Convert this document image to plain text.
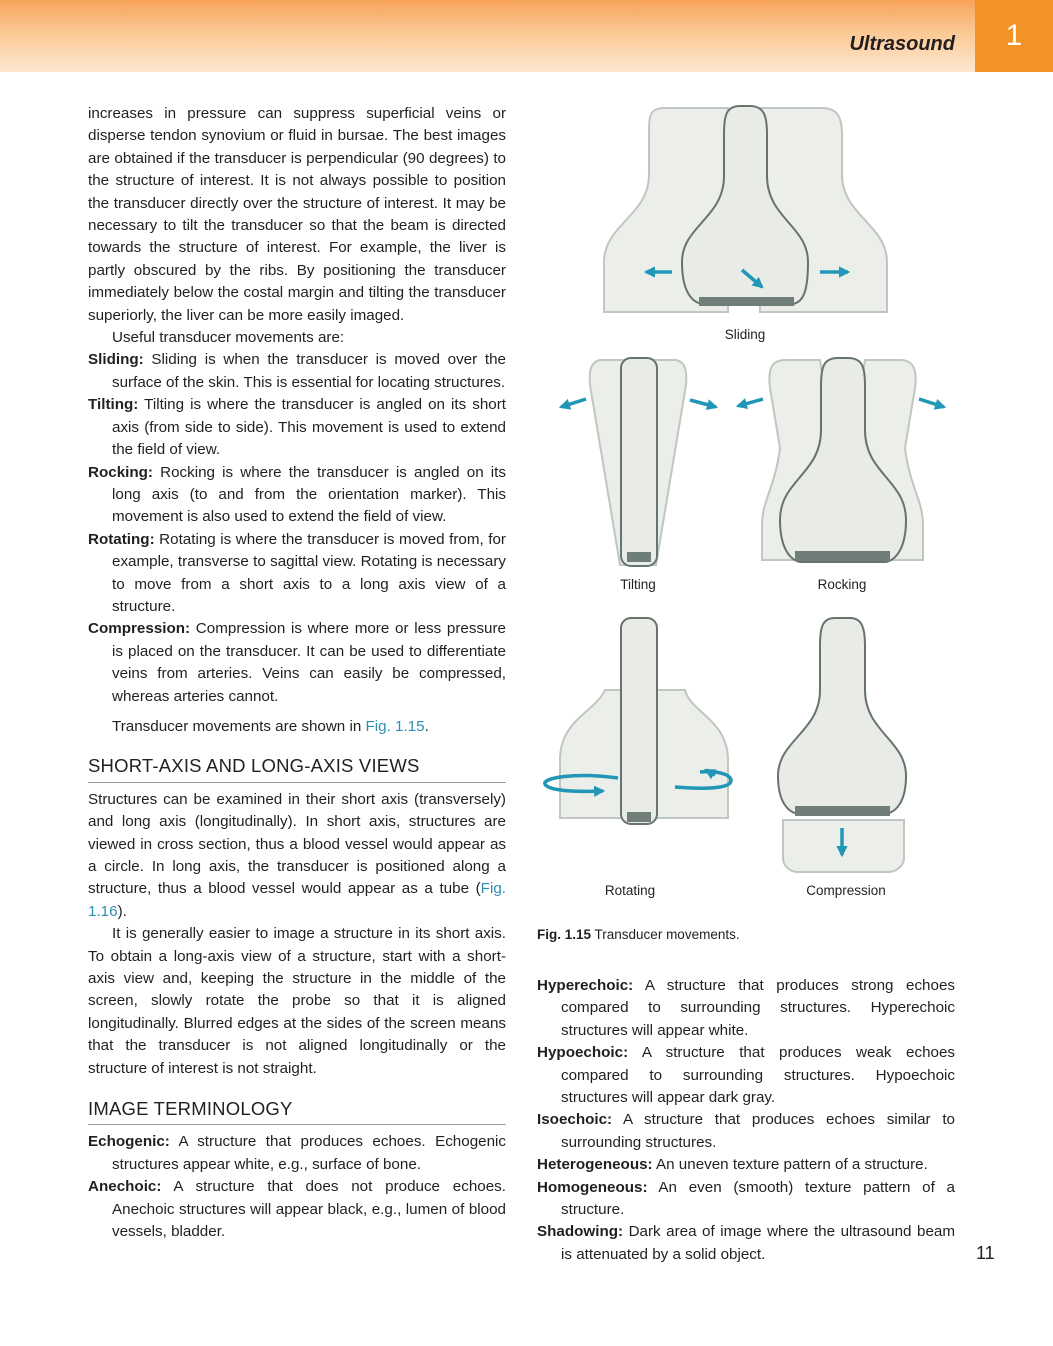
1
Ultrasound

increases in pressure can suppress superficial veins or disperse tendon synovium or fluid in bursae. The best images are obtained if the transducer is perpendicular (90 degrees) to the structure of interest. It is not always possible to position the transducer directly over the structure of interest. It may be necessary to tilt the transducer so that the beam is directed towards the structure of interest. For example, the liver is partly obscured by the ribs. By positioning the transducer immediately below the costal margin and tilting the transducer superiorly, the liver can be more easily imaged.

Useful transducer movements are:

Sliding: Sliding is when the transducer is moved over the surface of the skin. This is essential for locating structures.

Tilting: Tilting is where the transducer is angled on its short axis (from side to side). This movement is used to extend the field of view.

Rocking: Rocking is where the transducer is angled on its long axis (to and from the orientation marker). This movement is also used to extend the field of view.

Rotating: Rotating is where the transducer is moved from, for example, transverse to sagittal view. Rotating is necessary to move from a short axis to a long axis view of a structure.

Compression: Compression is where more or less pressure is placed on the transducer. It can be used to differentiate veins from arteries. Veins can easily be compressed, whereas arteries cannot.

Transducer movements are shown in Fig. 1.15.

SHORT-AXIS AND LONG-AXIS VIEWS

Structures can be examined in their short axis (transversely) and long axis (longitudinally). In short axis, structures are viewed in cross section, thus a blood vessel would appear as a circle. In long axis, the transducer is positioned along a structure, thus a blood vessel would appear as a tube (Fig. 1.16).

It is generally easier to image a structure in its short axis. To obtain a long-axis view of a structure, start with a short-axis view and, keeping the structure in the middle of the screen, slowly rotate the probe so that it is aligned longitudinally. Blurred edges at the sides of the screen means that the transducer is not aligned longitudinally or the structure of interest is not straight.

IMAGE TERMINOLOGY

Echogenic: A structure that produces echoes. Echogenic structures appear white, e.g., surface of bone.

Anechoic: A structure that does not produce echoes. Anechoic structures will appear black, e.g., lumen of blood vessels, bladder.

Sliding
Tilting	Rocking
Rotating	Compression
Fig. 1.15 Transducer movements.

Hyperechoic: A structure that produces strong echoes compared to surrounding structures. Hyperechoic structures will appear white.

Hypoechoic: A structure that produces weak echoes compared to surrounding structures. Hypoechoic structures will appear dark gray.

Isoechoic: A structure that produces echoes similar to surrounding structures.

Heterogeneous: An uneven texture pattern of a structure.

Homogeneous: An even (smooth) texture pattern of a structure.

Shadowing: Dark area of image where the ultrasound beam is attenuated by a solid object.	11
